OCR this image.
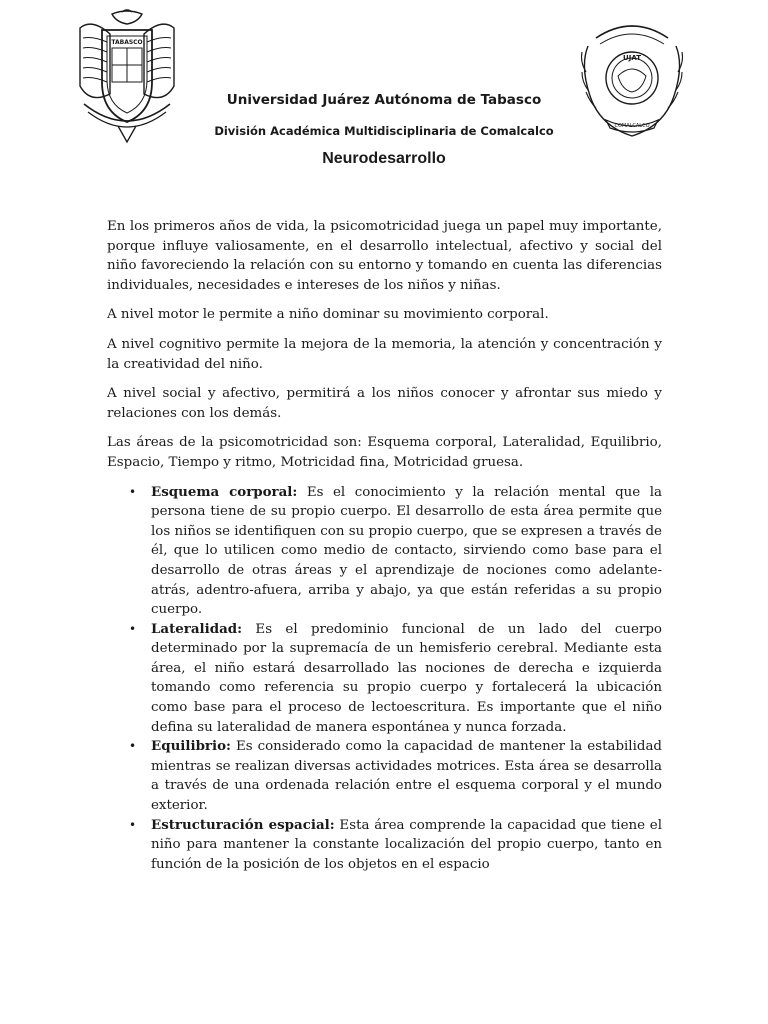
TABASCO
UJAT
COMALCALCO
Universidad Juárez Autónoma de Tabasco
División Académica Multidisciplinaria de Comalcalco
Neurodesarrollo

En los primeros años de vida, la psicomotricidad juega un papel muy importante, porque influye valiosamente, en el desarrollo intelectual, afectivo y social del niño favoreciendo la relación con su entorno y tomando en cuenta las diferencias individuales, necesidades e intereses de los niños y niñas.

A nivel motor le permite a niño dominar su movimiento corporal.

A nivel cognitivo permite la mejora de la memoria, la atención y concentración y la creatividad del niño.

A nivel social y afectivo, permitirá a los niños conocer y afrontar sus miedo y relaciones con los demás.

Las áreas de la psicomotricidad son: Esquema corporal, Lateralidad, Equilibrio, Espacio, Tiempo y ritmo, Motricidad fina, Motricidad gruesa.

• Esquema corporal: Es el conocimiento y la relación mental que la persona tiene de su propio cuerpo. El desarrollo de esta área permite que los niños se identifiquen con su propio cuerpo, que se expresen a través de él, que lo utilicen como medio de contacto, sirviendo como base para el desarrollo de otras áreas y el aprendizaje de nociones como adelante-atrás, adentro-afuera, arriba y abajo, ya que están referidas a su propio cuerpo.
• Lateralidad: Es el predominio funcional de un lado del cuerpo determinado por la supremacía de un hemisferio cerebral. Mediante esta área, el niño estará desarrollado las nociones de derecha e izquierda tomando como referencia su propio cuerpo y fortalecerá la ubicación como base para el proceso de lectoescritura. Es importante que el niño defina su lateralidad de manera espontánea y nunca forzada.
• Equilibrio: Es considerado como la capacidad de mantener la estabilidad mientras se realizan diversas actividades motrices. Esta área se desarrolla a través de una ordenada relación entre el esquema corporal y el mundo exterior.
• Estructuración espacial: Esta área comprende la capacidad que tiene el niño para mantener la constante localización del propio cuerpo, tanto en función de la posición de los objetos en el espacio
